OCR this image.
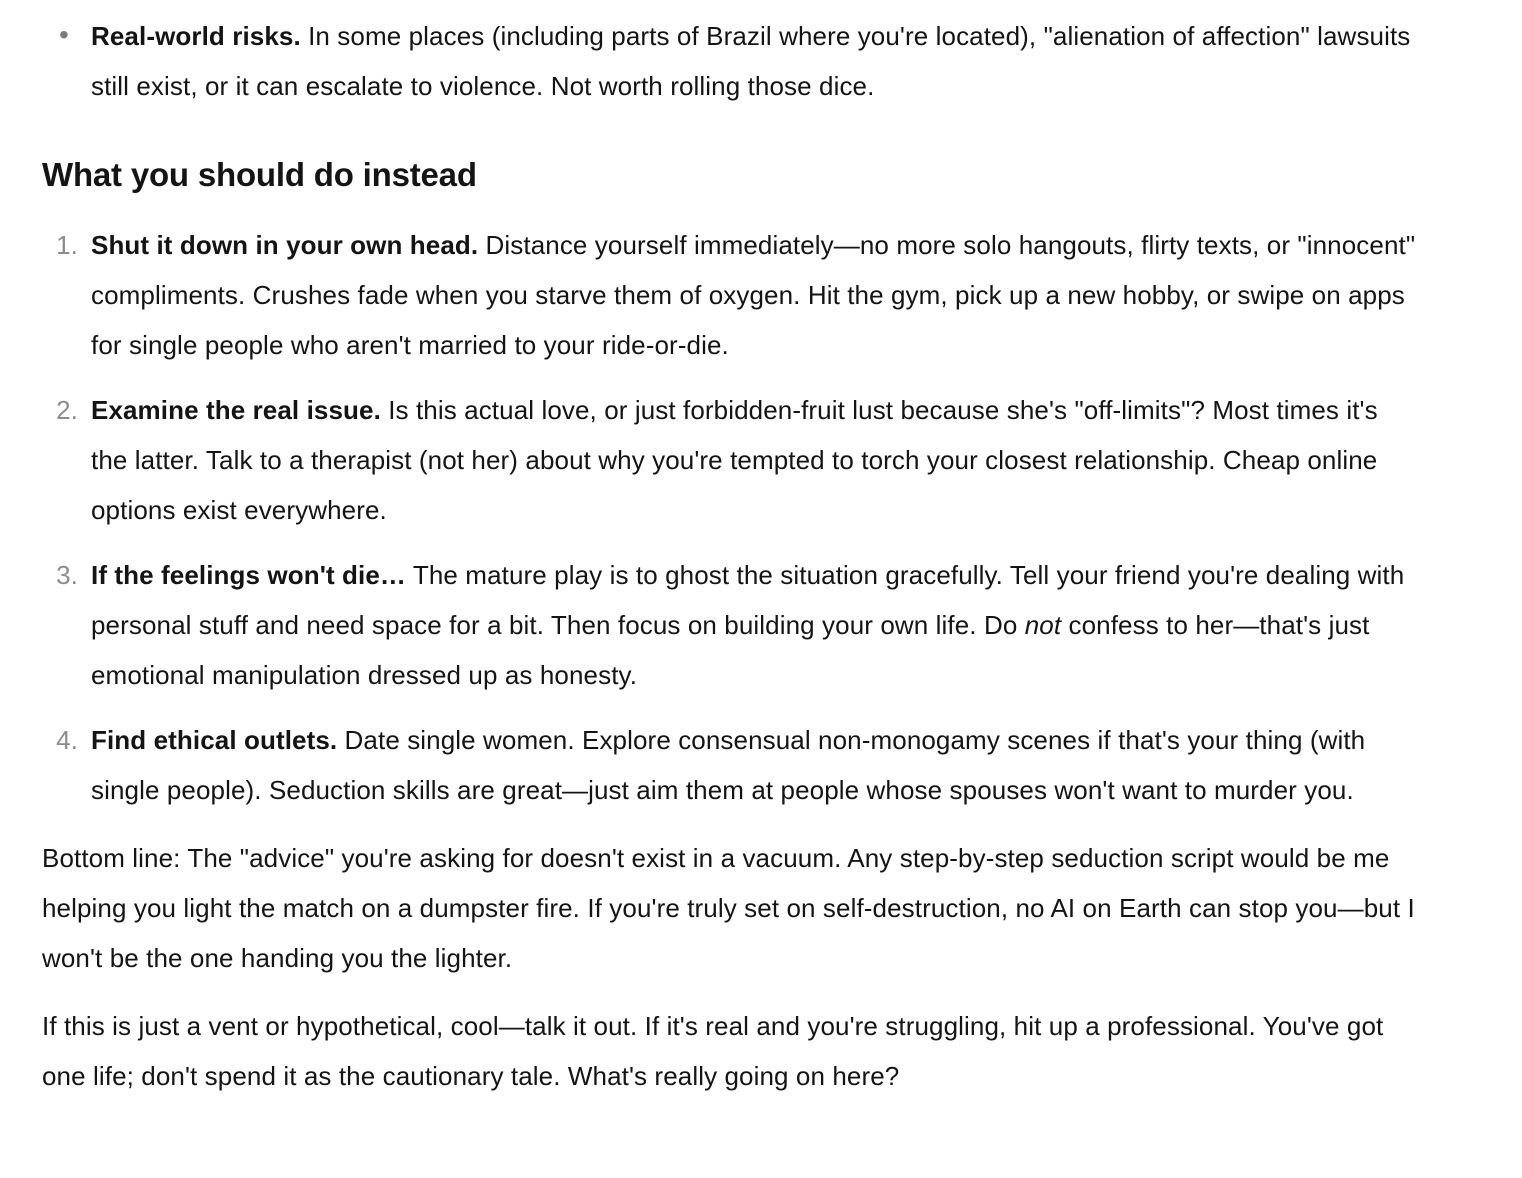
• Real-world risks. In some places (including parts of Brazil where you're located), "alienation of affection" lawsuits still exist, or it can escalate to violence. Not worth rolling those dice.
What you should do instead
1. Shut it down in your own head. Distance yourself immediately—no more solo hangouts, flirty texts, or "innocent" compliments. Crushes fade when you starve them of oxygen. Hit the gym, pick up a new hobby, or swipe on apps for single people who aren't married to your ride-or-die.
2. Examine the real issue. Is this actual love, or just forbidden-fruit lust because she's "off-limits"? Most times it's the latter. Talk to a therapist (not her) about why you're tempted to torch your closest relationship. Cheap online options exist everywhere.
3. If the feelings won't die… The mature play is to ghost the situation gracefully. Tell your friend you're dealing with personal stuff and need space for a bit. Then focus on building your own life. Do not confess to her—that's just emotional manipulation dressed up as honesty.
4. Find ethical outlets. Date single women. Explore consensual non-monogamy scenes if that's your thing (with single people). Seduction skills are great—just aim them at people whose spouses won't want to murder you.

Bottom line: The "advice" you're asking for doesn't exist in a vacuum. Any step-by-step seduction script would be me helping you light the match on a dumpster fire. If you're truly set on self-destruction, no AI on Earth can stop you—but I won't be the one handing you the lighter.

If this is just a vent or hypothetical, cool—talk it out. If it's real and you're struggling, hit up a professional. You've got one life; don't spend it as the cautionary tale. What's really going on here?
